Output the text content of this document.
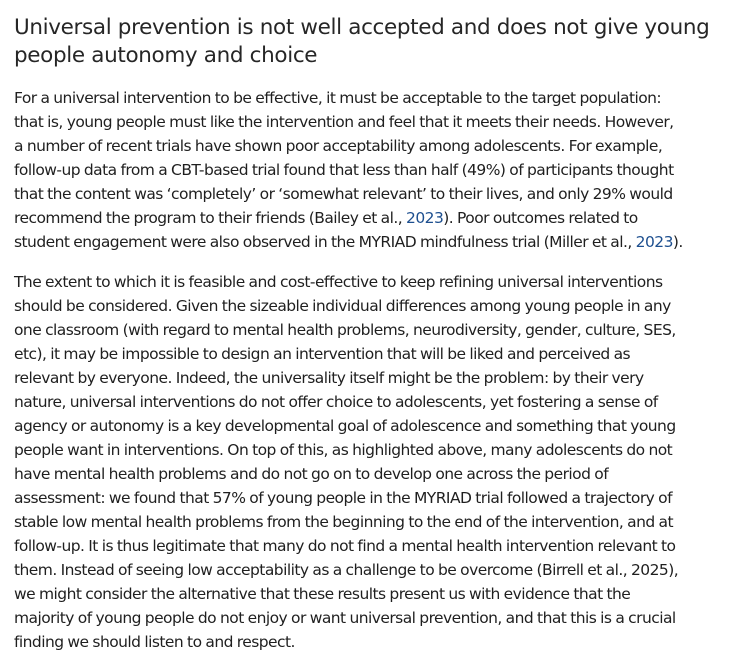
Universal prevention is not well accepted and does not give young
people autonomy and choice

For a universal intervention to be effective, it must be acceptable to the target population:
that is, young people must like the intervention and feel that it meets their needs. However,
a number of recent trials have shown poor acceptability among adolescents. For example,
follow-up data from a CBT-based trial found that less than half (49%) of participants thought
that the content was ‘completely’ or ‘somewhat relevant’ to their lives, and only 29% would
recommend the program to their friends (Bailey et al., 2023). Poor outcomes related to
student engagement were also observed in the MYRIAD mindfulness trial (Miller et al., 2023).

The extent to which it is feasible and cost-effective to keep refining universal interventions
should be considered. Given the sizeable individual differences among young people in any
one classroom (with regard to mental health problems, neurodiversity, gender, culture, SES,
etc), it may be impossible to design an intervention that will be liked and perceived as
relevant by everyone. Indeed, the universality itself might be the problem: by their very
nature, universal interventions do not offer choice to adolescents, yet fostering a sense of
agency or autonomy is a key developmental goal of adolescence and something that young
people want in interventions. On top of this, as highlighted above, many adolescents do not
have mental health problems and do not go on to develop one across the period of
assessment: we found that 57% of young people in the MYRIAD trial followed a trajectory of
stable low mental health problems from the beginning to the end of the intervention, and at
follow-up. It is thus legitimate that many do not find a mental health intervention relevant to
them. Instead of seeing low acceptability as a challenge to be overcome (Birrell et al., 2025),
we might consider the alternative that these results present us with evidence that the
majority of young people do not enjoy or want universal prevention, and that this is a crucial
finding we should listen to and respect.
